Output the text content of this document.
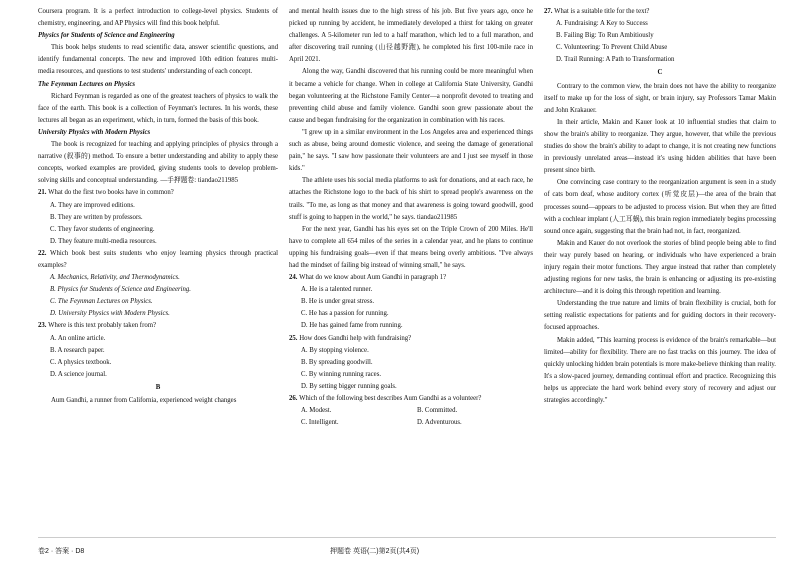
Coursera program. It is a perfect introduction to college-level physics. Students of chemistry, engineering, and AP Physics will find this book helpful.

Physics for Students of Science and Engineering

This book helps students to read scientific data, answer scientific questions, and identify fundamental concepts. The new and improved 10th edition features multi-media resources, and questions to test students' understanding of each concept.

The Feynman Lectures on Physics

Richard Feynman is regarded as one of the greatest teachers of physics to walk the face of the earth. This book is a collection of Feynman's lectures. In his words, these lectures all began as an experiment, which, in turn, formed the basis of this book.

University Physics with Modern Physics

The book is recognized for teaching and applying principles of physics through a narrative (叙事的) method. To ensure a better understanding and ability to apply these concepts, worked examples are provided, giving students tools to develop problem-solving skills and conceptual understanding. —手押题卷: tiandao211985

21. What do the first two books have in common?

A. They are improved editions.

B. They are written by professors.

C. They favor students of engineering.

D. They feature multi-media resources.

22. Which book best suits students who enjoy learning physics through practical examples?

A. Mechanics, Relativity, and Thermodynamics.

B. Physics for Students of Science and Engineering.

C. The Feynman Lectures on Physics.

D. University Physics with Modern Physics.

23. Where is this text probably taken from?

A. An online article.

B. A research paper.

C. A physics textbook.

D. A science journal.

B

Aum Gandhi, a runner from California, experienced weight changes

and mental health issues due to the high stress of his job. But five years ago, once he picked up running by accident, he immediately developed a thirst for taking on greater challenges. A 5-kilometer run led to a half marathon, which led to a full marathon, and after discovering trail running (山径越野跑), he completed his first 100-mile race in April 2021.

Along the way, Gandhi discovered that his running could be more meaningful when it became a vehicle for change. When in college at California State University, Gandhi began volunteering at the Richstone Family Center—a nonprofit devoted to treating and preventing child abuse and family violence. Gandhi soon grew passionate about the cause and began fundraising for the organization in combination with his races.

"I grew up in a similar environment in the Los Angeles area and experienced things such as abuse, being around domestic violence, and seeing the damage of generational pain," he says. "I saw how passionate their volunteers are and I just see myself in those kids."

The athlete uses his social media platforms to ask for donations, and at each race, he attaches the Richstone logo to the back of his shirt to spread people's awareness on the trails. "To me, as long as that money and that awareness is going toward goodwill, good stuff is going to happen in the world," he says. tiandao211985

For the next year, Gandhi has his eyes set on the Triple Crown of 200 Miles. He'll have to complete all 654 miles of the series in a calendar year, and he plans to continue upping his fundraising goals—even if that means being overly ambitious. "I've always had the mindset of failing big instead of winning small," he says.

24. What do we know about Aum Gandhi in paragraph 1?

A. He is a talented runner.

B. He is under great stress.

C. He has a passion for running.

D. He has gained fame from running.

25. How does Gandhi help with fundraising?

A. By stopping violence.

B. By spreading goodwill.

C. By winning running races.

D. By setting bigger running goals.

26. Which of the following best describes Aum Gandhi as a volunteer?

A. Modest.	B. Committed.
C. Intelligent.	D. Adventurous.

27. What is a suitable title for the text?

A. Fundraising: A Key to Success

B. Failing Big: To Run Ambitiously

C. Volunteering: To Prevent Child Abuse

D. Trail Running: A Path to Transformation

C

Contrary to the common view, the brain does not have the ability to reorganize itself to make up for the loss of sight, or brain injury, say Professors Tamar Makin and John Krakauer.

In their article, Makin and Kauer look at 10 influential studies that claim to show the brain's ability to reorganize. They argue, however, that while the previous studies do show the brain's ability to adapt to change, it is not creating new functions in previously unrelated areas—instead it's using hidden abilities that have been present since birth.

One convincing case contrary to the reorganization argument is seen in a study of cats born deaf, whose auditory cortex (听觉皮层)—the area of the brain that processes sound—appears to be adjusted to process vision. But when they are fitted with a cochlear implant (人工耳蜗), this brain region immediately begins processing sound once again, suggesting that the brain had not, in fact, reorganized.

Makin and Kauer do not overlook the stories of blind people being able to find their way purely based on hearing, or individuals who have experienced a brain injury regain their motor functions. They argue instead that rather than completely adjusting regions for new tasks, the brain is enhancing or adjusting its pre-existing architecture—and it is doing this through repetition and learning.

Understanding the true nature and limits of brain flexibility is crucial, both for setting realistic expectations for patients and for guiding doctors in their recovery-focused approaches.

Makin added, "This learning process is evidence of the brain's remarkable—but limited—ability for flexibility. There are no fast tracks on this journey. The idea of quickly unlocking hidden brain potentials is more make-believe thinking than reality. It's a slow-paced journey, demanding continual effort and practice. Recognizing this helps us appreciate the hard work behind every story of recovery and adjust our strategies accordingly."

卷2 · 答案 · D8	押题卷 英语(二)第2页(共4页)
